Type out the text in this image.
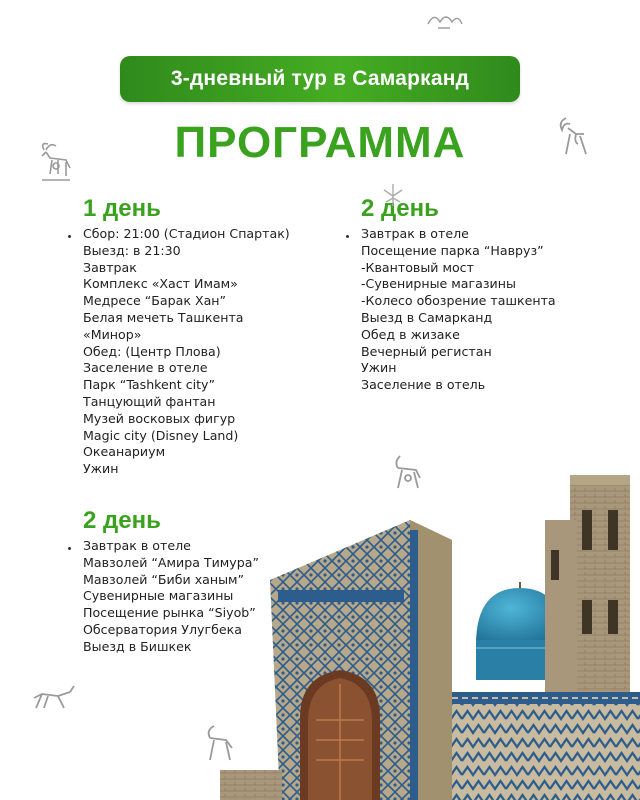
3-дневный тур в Самарканд
ПРОГРАММА
1 день
Сбор: 21:00 (Стадион Спартак)
Выезд: в 21:30
Завтрак
Комплекс «Хаст Имам»
Медресе “Барак Хан”
Белая мечеть Ташкента
«Минор»
Обед: (Центр Плова)
Заселение в отеле
Парк “Tashkent city”
Танцующий фантан
Музей восковых фигур
Magic city (Disney Land)
Океанариум
Ужин
2 день
Завтрак в отеле
Посещение парка “Навруз”
-Квантовый мост
-Сувенирные магазины
-Колесо обозрение ташкента
Выезд в Самарканд
Обед в жизаке
Вечерный регистан
Ужин
Заселение в отель
2 день
Завтрак в отеле
Мавзолей “Амира Тимура”
Мавзолей “Биби ханым”
Сувенирные магазины
Посещение рынка “Siyob”
Обсерватория Улугбека
Выезд в Бишкек
